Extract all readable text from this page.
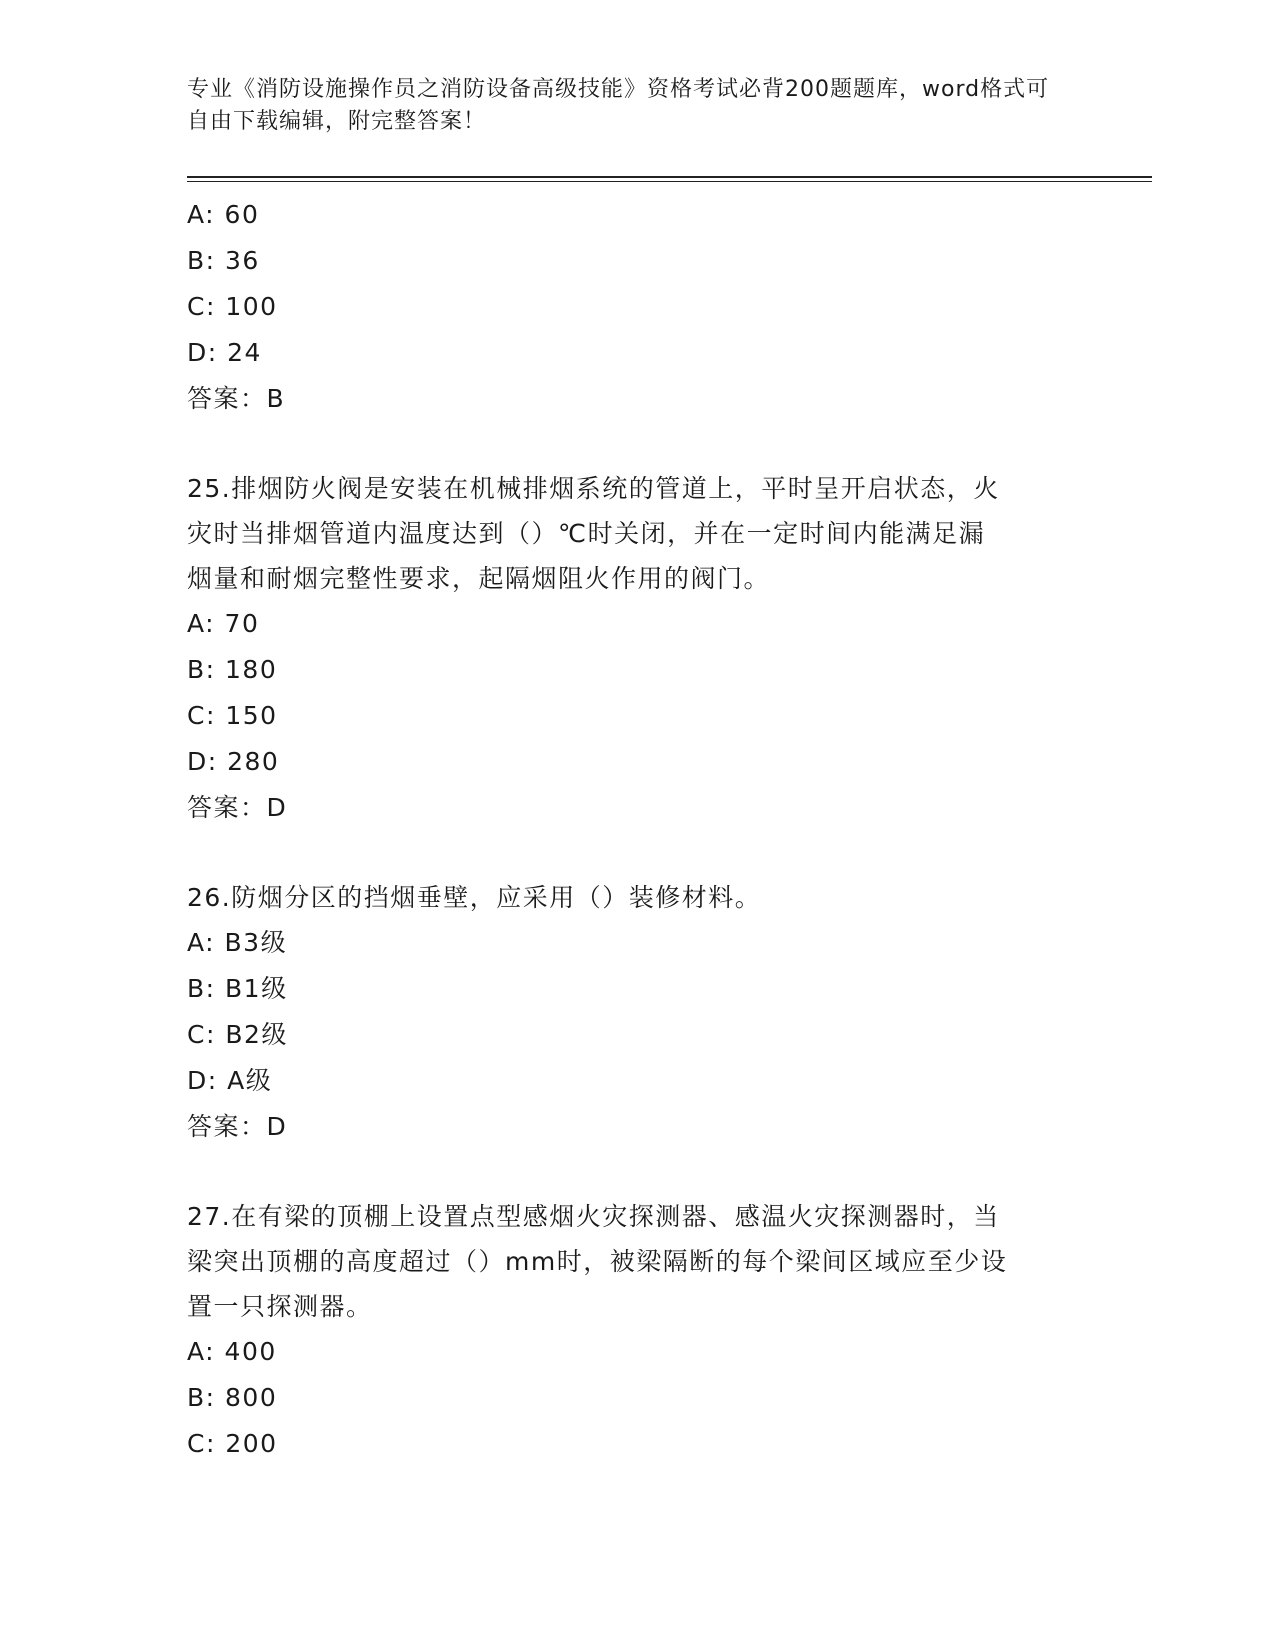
专业《消防设施操作员之消防设备高级技能》资格考试必背200题题库，word格式可自由下载编辑，附完整答案！
A: 60
B: 36
C: 100
D: 24
答案：B
25.排烟防火阀是安装在机械排烟系统的管道上，平时呈开启状态，火
灾时当排烟管道内温度达到（）℃时关闭，并在一定时间内能满足漏
烟量和耐烟完整性要求，起隔烟阻火作用的阀门。
A: 70
B: 180
C: 150
D: 280
答案：D
26.防烟分区的挡烟垂壁，应采用（）装修材料。
A: B3级
B: B1级
C: B2级
D: A级
答案：D
27.在有梁的顶棚上设置点型感烟火灾探测器、感温火灾探测器时，当
梁突出顶棚的高度超过（）mm时，被梁隔断的每个梁间区域应至少设
置一只探测器。
A: 400
B: 800
C: 200
